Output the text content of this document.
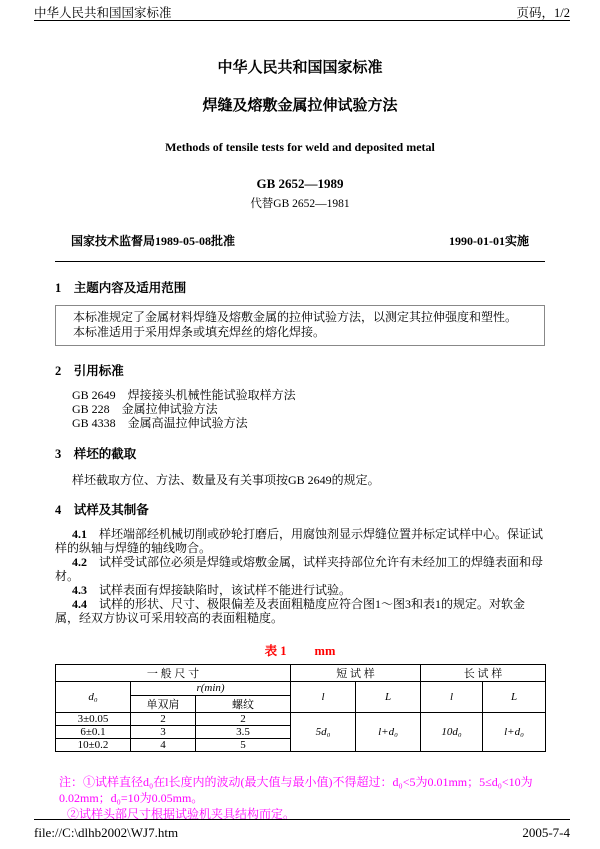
中华人民共和国国家标准	页码，1/2
中华人民共和国国家标准
焊缝及熔敷金属拉伸试验方法
Methods of tensile tests for weld and deposited metal
GB 2652—1989
代替GB 2652—1981
国家技术监督局1989-05-08批准	1990-01-01实施
1　主题内容及适用范围

本标准规定了金属材料焊缝及熔敷金属的拉伸试验方法，以测定其拉伸强度和塑性。

本标准适用于采用焊条或填充焊丝的熔化焊接。

2　引用标准

GB 2649　焊接接头机械性能试验取样方法

GB 228　金属拉伸试验方法

GB 4338　金属高温拉伸试验方法

3　样坯的截取

样坯截取方位、方法、数量及有关事项按GB 2649的规定。

4　试样及其制备

4.1　样坯端部经机械切削或砂轮打磨后，用腐蚀剂显示焊缝位置并标定试样中心。保证试样的纵轴与焊缝的轴线吻合。

4.2　试样受试部位必须是焊缝或熔敷金属，试样夹持部位允许有未经加工的焊缝表面和母材。

4.3　试样表面有焊接缺陷时，该试样不能进行试验。

4.4　试样的形状、尺寸、极限偏差及表面粗糙度应符合图1～图3和表1的规定。对软金属，经双方协议可采用较高的表面粗糙度。

表 1 mm
一 般 尺 寸			短 试 样		长 试 样	
d₀	r(min)		l	L	l	L
	单双肩	螺纹				
3±0.05	2	2	5d₀	l+d₀	10d₀	l+d₀
6±0.1	3	3.5				
10±0.2	4	5				
注：①试样直径d₀在l长度内的波动(最大值与最小值)不得超过：d₀<5为0.01mm；5≤d₀<10为0.02mm；d₀=10为0.05mm。
②试样头部尺寸根据试验机夹具结构而定。
file://C:\dlhb2002\WJ7.htm	2005-7-4
